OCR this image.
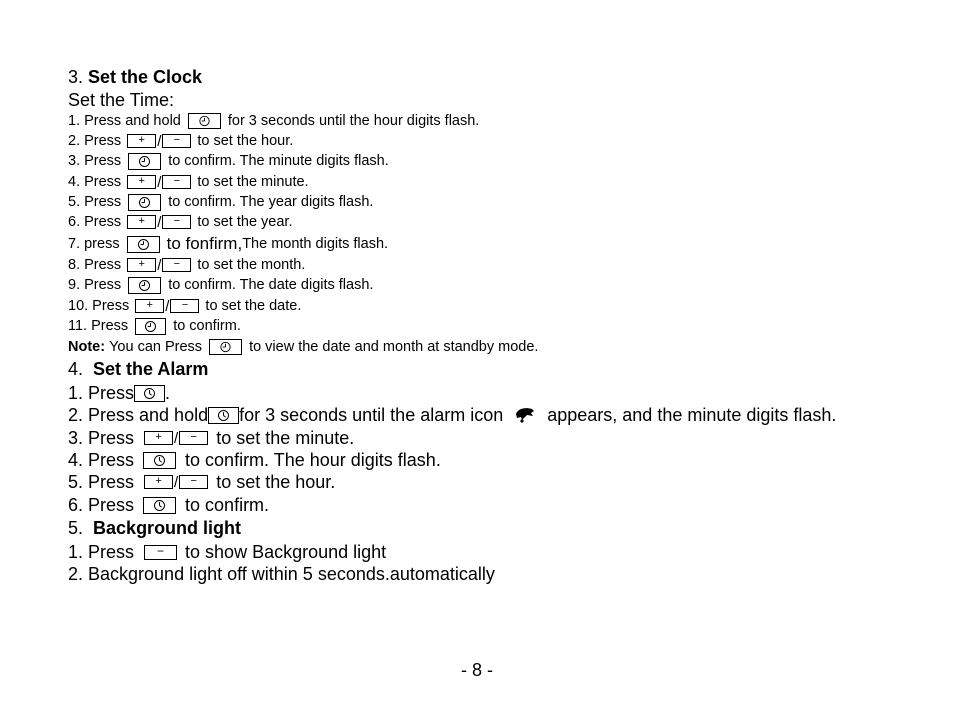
3.
Set the Clock
Set the Time:
1. Press and hold	for 3 seconds until the hour digits flash.
2. Press	+ /	−	to set the hour.
3. Press	to confirm. The minute digits flash.
4. Press	+ /	−	to set the minute.
5. Press	to confirm. The year digits flash.
6. Press	+ /	−	to set the year.
7. press	to fonfirm, The month digits flash.
8. Press	+ /	−	to set the month.
9. Press	to confirm. The date digits flash.
10. Press	+ /	−	to set the date.
11. Press	to confirm.
Note:
You can Press	to view the date and month at standby mode.
4.
Set the Alarm
1. Press .
2. Press and hold for 3 seconds until the alarm icon appears, and the minute digits flash.
3. Press	+ /	−	to set the minute.
4. Press	to confirm. The hour digits flash.
5. Press	+ /	−	to set the hour.
6. Press	to confirm.
5.
Background light
1. Press	−	to show Background light
2. Background light off within 5 seconds.automatically
- 8 -
